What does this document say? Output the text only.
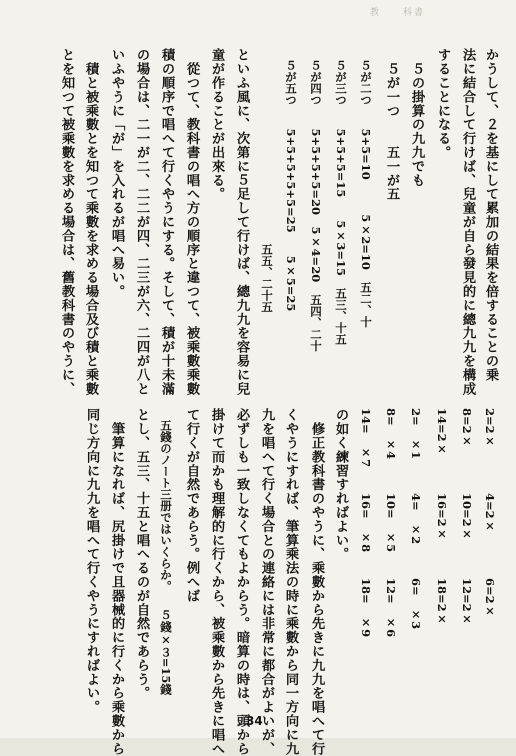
教　　科書
かうして、２を基にして累加の結果を倍することの乗
法に結合して行けば、兒童が自ら發見的に總九九を構成
することになる。
　５の掛算の九九でも
　５が一つ　　五一が五
　５が二つ　　5+5=10　　　5×2=10　五二、十
　５が三つ　　5+5+5=15　　5×3=15　五三、十五
　５が四つ　　5+5+5+5=20　5×4=20　五四、二十
　５が五つ　　5+5+5+5+5=25　　5×5=25
　　　　　　　　　　　　　　　　　五五、二十五
といふ風に、次第に５足して行けば、總九九を容易に兒
童が作ることが出來る。
　從つて、教科書の唱へ方の順序と違つて、被乘數乘數
積の順序で唱へて行くやうにする。そして、積が十未滿
の場合は、二一が二、二二が四、二三が六、二四が八と
いふやうに「が」を入れるが唱へ易い。
　積と被乘數とを知つて乘數を求める場合及び積と乘數
とを知つて被乘數を求める場合は、舊教科書のやうに、
2=2×
4=2×
6=2×
8=2×
10=2×
12=2×
14=2×
16=2×
18=2×
2=　×1
4=　×2
6=　×3
8=　×4
10=　×5
12=　×6
14=　×7
16=　×8
18=　×9
の如く練習すればよい。
　修正教科書のやうに、乘數から先きに九九を唱へて行
くやうにすれば、筆算乘法の時に乘數から同一方向に九
九を唱へて行く場合との連絡には非常に都合がよいが、
必ずしも一致しなくてもよからう。暗算の時は、頭から
掛けて而かも理解的に行くから、被乘數から先きに唱へ
て行くが自然であらう。例へば
　五錢のノート三册ではいくらか。　　５錢×３=15錢
とし、五三、十五と唱へるのが自然であらう。
　筆算になれば、尻掛けで且器械的に行くから乘數から
同じ方向に九九を唱へて行くやうにすればよい。
34
